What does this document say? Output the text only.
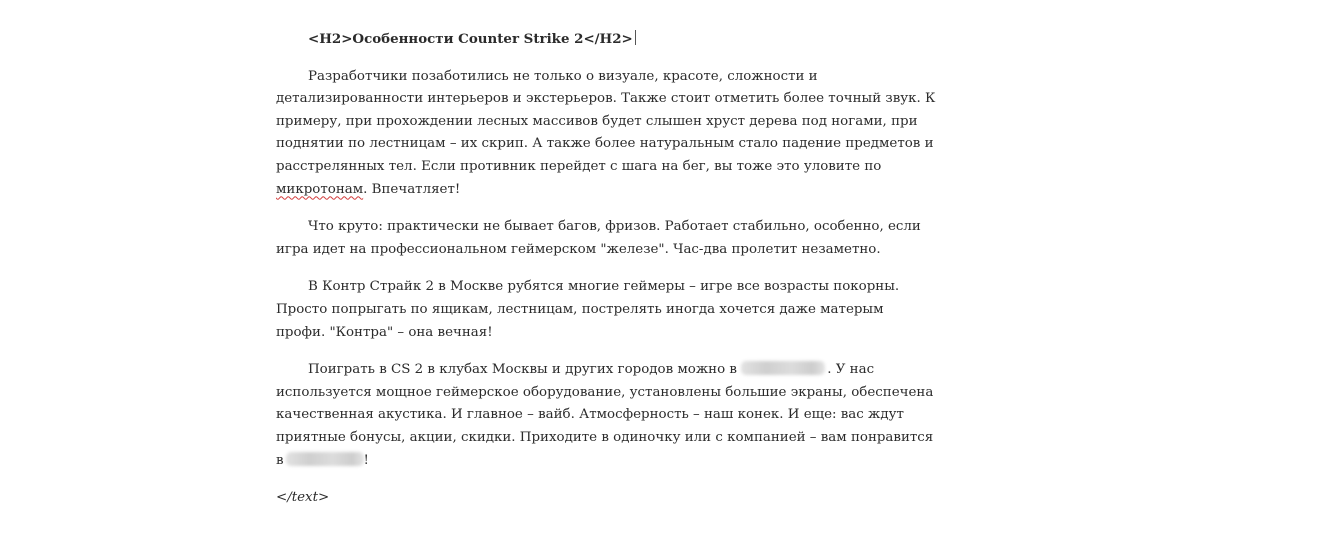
<H2>Особенности Counter Strike 2</H2>

Разработчики позаботились не только о визуале, красоте, сложности и детализированности интерьеров и экстерьеров. Также стоит отметить более точный звук. К примеру, при прохождении лесных массивов будет слышен хруст дерева под ногами, при поднятии по лестницам – их скрип. А также более натуральным стало падение предметов и расстрелянных тел. Если противник перейдет с шага на бег, вы тоже это уловите по микротонам. Впечатляет!

Что круто: практически не бывает багов, фризов. Работает стабильно, особенно, если игра идет на профессиональном геймерском "железе". Час-два пролетит незаметно.

В Контр Страйк 2 в Москве рубятся многие геймеры – игре все возрасты покорны. Просто попрыгать по ящикам, лестницам, пострелять иногда хочется даже матерым профи. "Контра" – она вечная!

Поиграть в CS 2 в клубах Москвы и других городов можно в	. У нас используется мощное геймерское оборудование, установлены большие экраны, обеспечена качественная акустика. И главное – вайб. Атмосферность – наш конек. И еще: вас ждут приятные бонусы, акции, скидки. Приходите в одиночку или с компанией – вам понравится в	!

</text>
